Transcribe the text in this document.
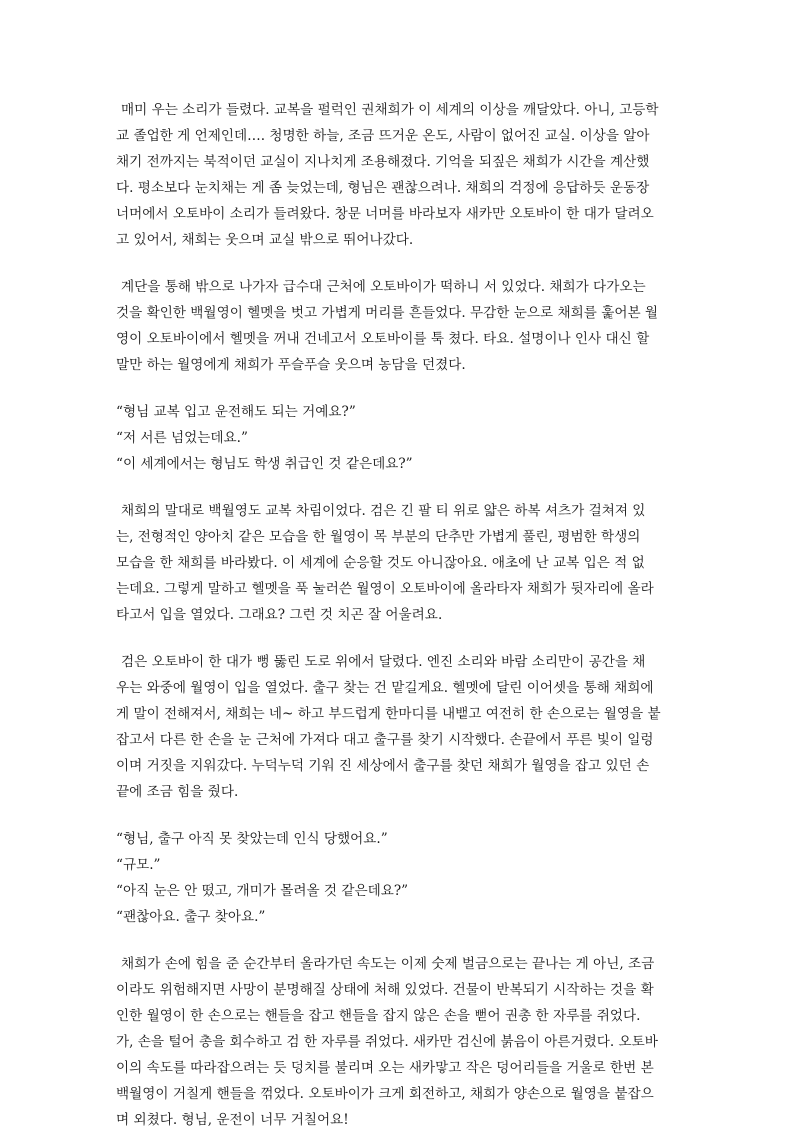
매미 우는 소리가 들렸다. 교복을 펄럭인 권채희가 이 세계의 이상을 깨달았다. 아니, 고등학
교 졸업한 게 언제인데…. 청명한 하늘, 조금 뜨거운 온도, 사람이 없어진 교실. 이상을 알아
채기 전까지는 북적이던 교실이 지나치게 조용해졌다. 기억을 되짚은 채희가 시간을 계산했
다. 평소보다 눈치채는 게 좀 늦었는데, 형님은 괜찮으려나. 채희의 걱정에 응답하듯 운동장
너머에서 오토바이 소리가 들려왔다. 창문 너머를 바라보자 새카만 오토바이 한 대가 달려오
고 있어서, 채희는 웃으며 교실 밖으로 뛰어나갔다.
계단을 통해 밖으로 나가자 급수대 근처에 오토바이가 떡하니 서 있었다. 채희가 다가오는
것을 확인한 백월영이 헬멧을 벗고 가볍게 머리를 흔들었다. 무감한 눈으로 채희를 훑어본 월
영이 오토바이에서 헬멧을 꺼내 건네고서 오토바이를 툭 쳤다. 타요. 설명이나 인사 대신 할
말만 하는 월영에게 채희가 푸슬푸슬 웃으며 농담을 던졌다.
“형님 교복 입고 운전해도 되는 거예요?”
“저 서른 넘었는데요.”
“이 세계에서는 형님도 학생 취급인 것 같은데요?”
채희의 말대로 백월영도 교복 차림이었다. 검은 긴 팔 티 위로 얇은 하복 셔츠가 걸쳐져 있
는, 전형적인 양아치 같은 모습을 한 월영이 목 부분의 단추만 가볍게 풀린, 평범한 학생의
모습을 한 채희를 바라봤다. 이 세계에 순응할 것도 아니잖아요. 애초에 난 교복 입은 적 없
는데요. 그렇게 말하고 헬멧을 푹 눌러쓴 월영이 오토바이에 올라타자 채희가 뒷자리에 올라
타고서 입을 열었다. 그래요? 그런 것 치곤 잘 어울려요.
검은 오토바이 한 대가 뻥 뚫린 도로 위에서 달렸다. 엔진 소리와 바람 소리만이 공간을 채
우는 와중에 월영이 입을 열었다. 출구 찾는 건 맡길게요. 헬멧에 달린 이어셋을 통해 채희에
게 말이 전해져서, 채희는 네~ 하고 부드럽게 한마디를 내뱉고 여전히 한 손으로는 월영을 붙
잡고서 다른 한 손을 눈 근처에 가져다 대고 출구를 찾기 시작했다. 손끝에서 푸른 빛이 일렁
이며 거짓을 지워갔다. 누덕누덕 기워 진 세상에서 출구를 찾던 채희가 월영을 잡고 있던 손
끝에 조금 힘을 줬다.
“형님, 출구 아직 못 찾았는데 인식 당했어요.”
“규모.”
“아직 눈은 안 떴고, 개미가 몰려올 것 같은데요?”
“괜찮아요. 출구 찾아요.”
채희가 손에 힘을 준 순간부터 올라가던 속도는 이제 숫제 벌금으로는 끝나는 게 아닌, 조금
이라도 위험해지면 사망이 분명해질 상태에 처해 있었다. 건물이 반복되기 시작하는 것을 확
인한 월영이 한 손으로는 핸들을 잡고 핸들을 잡지 않은 손을 뻗어 권총 한 자루를 쥐었다.
가, 손을 털어 총을 회수하고 검 한 자루를 쥐었다. 새카만 검신에 붉음이 아른거렸다. 오토바
이의 속도를 따라잡으려는 듯 덩치를 불리며 오는 새카맣고 작은 덩어리들을 거울로 한번 본
백월영이 거칠게 핸들을 꺾었다. 오토바이가 크게 회전하고, 채희가 양손으로 월영을 붙잡으
며 외쳤다. 형님, 운전이 너무 거칠어요!
